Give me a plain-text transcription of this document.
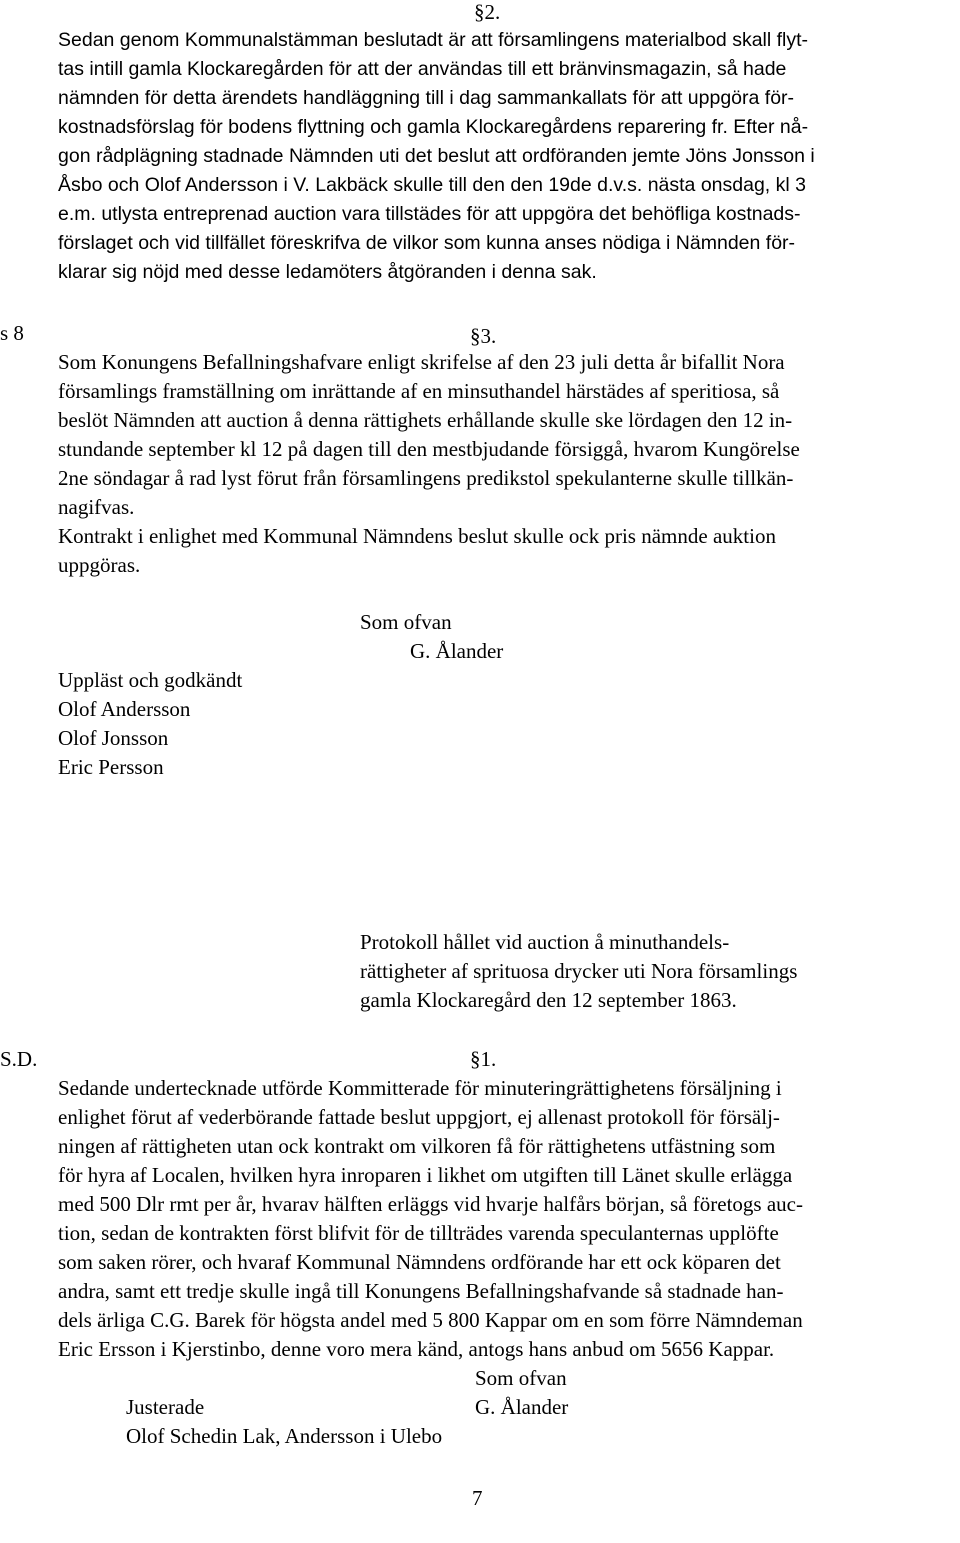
§2.
Sedan genom Kommunalstämman beslutadt är att församlingens materialbod skall flyt-
tas intill gamla Klockaregården för att der användas till ett bränvinsmagazin, så hade
nämnden för detta ärendets handläggning till i dag sammankallats för att uppgöra för-
kostnadsförslag för bodens flyttning och gamla Klockaregårdens reparering fr. Efter nå-
gon rådplägning stadnade Nämnden uti det beslut att ordföranden jemte Jöns Jonsson i
Åsbo och Olof Andersson i V. Lakbäck skulle till den den 19de d.v.s. nästa onsdag, kl 3
e.m. utlysta entreprenad auction vara tillstädes för att uppgöra det behöfliga kostnads-
förslaget och vid tillfället föreskrifva de vilkor som kunna anses nödiga i Nämnden för-
klarar sig nöjd med desse ledamöters åtgöranden i denna sak.
s 8	§3.
Som Konungens Befallningshafvare enligt skrifelse af den 23 juli detta år bifallit Nora
församlings framställning om inrättande af en minsuthandel härstädes af speritiosa, så
beslöt Nämnden att auction å denna rättighets erhållande skulle ske lördagen den 12 in-
stundande september kl 12 på dagen till den mestbjudande försiggå, hvarom Kungörelse
2ne söndagar å rad lyst förut från församlingens predikstol spekulanterne skulle tillkän-
nagifvas.
Kontrakt i enlighet med Kommunal Nämndens beslut skulle ock pris nämnde auktion
uppgöras.
Som ofvan
G. Ålander
Uppläst och godkändt
Olof Andersson
Olof Jonsson
Eric Persson
Protokoll hållet vid auction å minuthandels-
rättigheter af sprituosa drycker uti Nora församlings
gamla Klockaregård den 12 september 1863.
S.D.	§1.
Sedande undertecknade utförde Kommitterade för minuteringrättighetens försäljning i
enlighet förut af vederbörande fattade beslut uppgjort, ej allenast protokoll för försälj-
ningen af rättigheten utan ock kontrakt om vilkoren få för rättighetens utfästning som
för hyra af Localen, hvilken hyra inroparen i likhet om utgiften till Länet skulle erlägga
med 500 Dlr rmt per år, hvarav hälften erläggs vid hvarje halfårs början, så företogs auc-
tion, sedan de kontrakten först blifvit för de tillträdes varenda speculanternas upplöfte
som saken rörer, och hvaraf Kommunal Nämndens ordförande har ett ock köparen det
andra, samt ett tredje skulle ingå till Konungens Befallningshafvande så stadnade han-
dels ärliga C.G. Barek för högsta andel med 5 800 Kappar om en som förre Nämndeman
Eric Ersson i Kjerstinbo, denne voro mera känd, antogs hans anbud om 5656 Kappar.
Som ofvan
Justerade	G. Ålander
Olof Schedin Lak, Andersson i Ulebo
7
